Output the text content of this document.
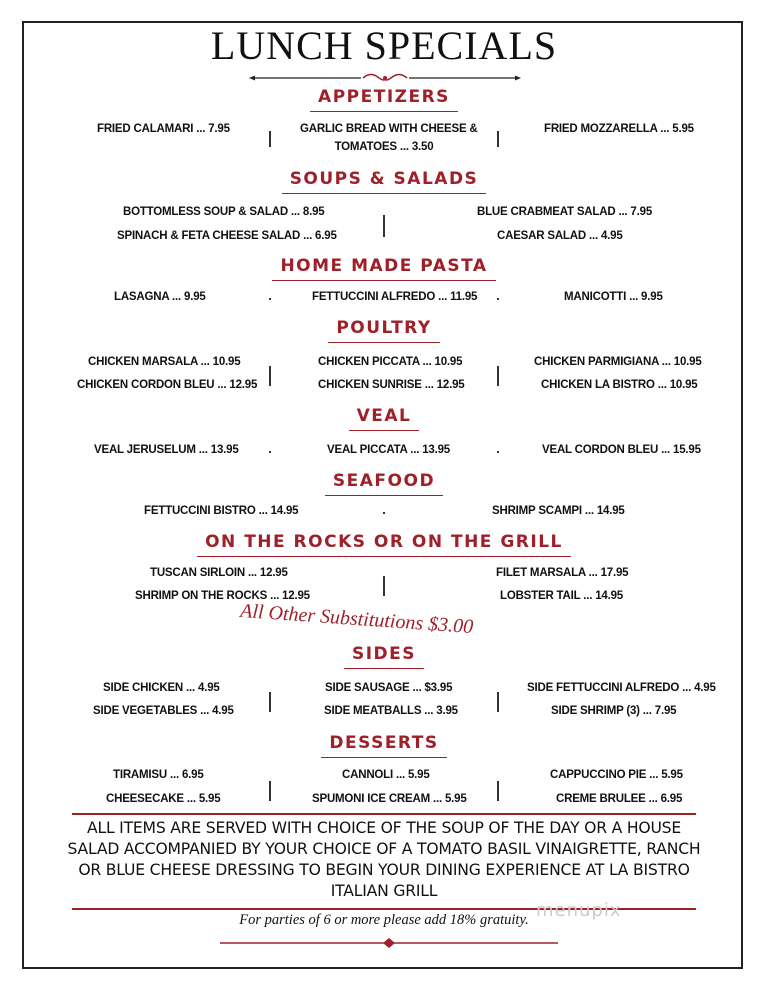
LUNCH SPECIALS
APPETIZERS
FRIED CALAMARI ... 7.95	GARLIC BREAD WITH CHEESE &
TOMATOES ... 3.50
FRIED MOZZARELLA ... 5.95
SOUPS & SALADS
BOTTOMLESS SOUP & SALAD ... 8.95
SPINACH & FETA CHEESE SALAD ... 6.95
BLUE CRABMEAT SALAD ... 7.95
CAESAR SALAD ... 4.95
HOME MADE PASTA
LASAGNA ... 9.95	FETTUCCINI ALFREDO ... 11.95	MANICOTTI ... 9.95
POULTRY
CHICKEN MARSALA ... 10.95
CHICKEN CORDON BLEU ... 12.95
CHICKEN PICCATA ... 10.95
CHICKEN SUNRISE ... 12.95
CHICKEN PARMIGIANA ... 10.95
CHICKEN LA BISTRO ... 10.95
VEAL
VEAL JERUSELUM ... 13.95	VEAL PICCATA ... 13.95	VEAL CORDON BLEU ... 15.95
SEAFOOD
FETTUCCINI BISTRO ... 14.95	SHRIMP SCAMPI ... 14.95
ON THE ROCKS OR ON THE GRILL
TUSCAN SIRLOIN ... 12.95
SHRIMP ON THE ROCKS ... 12.95
FILET MARSALA ... 17.95
LOBSTER TAIL ... 14.95
All Other Substitutions $3.00
SIDES
SIDE CHICKEN ... 4.95
SIDE VEGETABLES ... 4.95
SIDE SAUSAGE ... $3.95
SIDE MEATBALLS ... 3.95
SIDE FETTUCCINI ALFREDO ... 4.95
SIDE SHRIMP (3) ... 7.95
DESSERTS
TIRAMISU ... 6.95
CHEESECAKE ... 5.95
CANNOLI ... 5.95
SPUMONI ICE CREAM ... 5.95
CAPPUCCINO PIE ... 5.95
CREME BRULEE ... 6.95
ALL ITEMS ARE SERVED WITH CHOICE OF THE SOUP OF THE DAY OR A HOUSE SALAD ACCOMPANIED BY YOUR CHOICE OF A TOMATO BASIL VINAIGRETTE, RANCH OR BLUE CHEESE DRESSING TO BEGIN YOUR DINING EXPERIENCE AT LA BISTRO ITALIAN GRILL
For parties of 6 or more please add 18% gratuity. menupix
